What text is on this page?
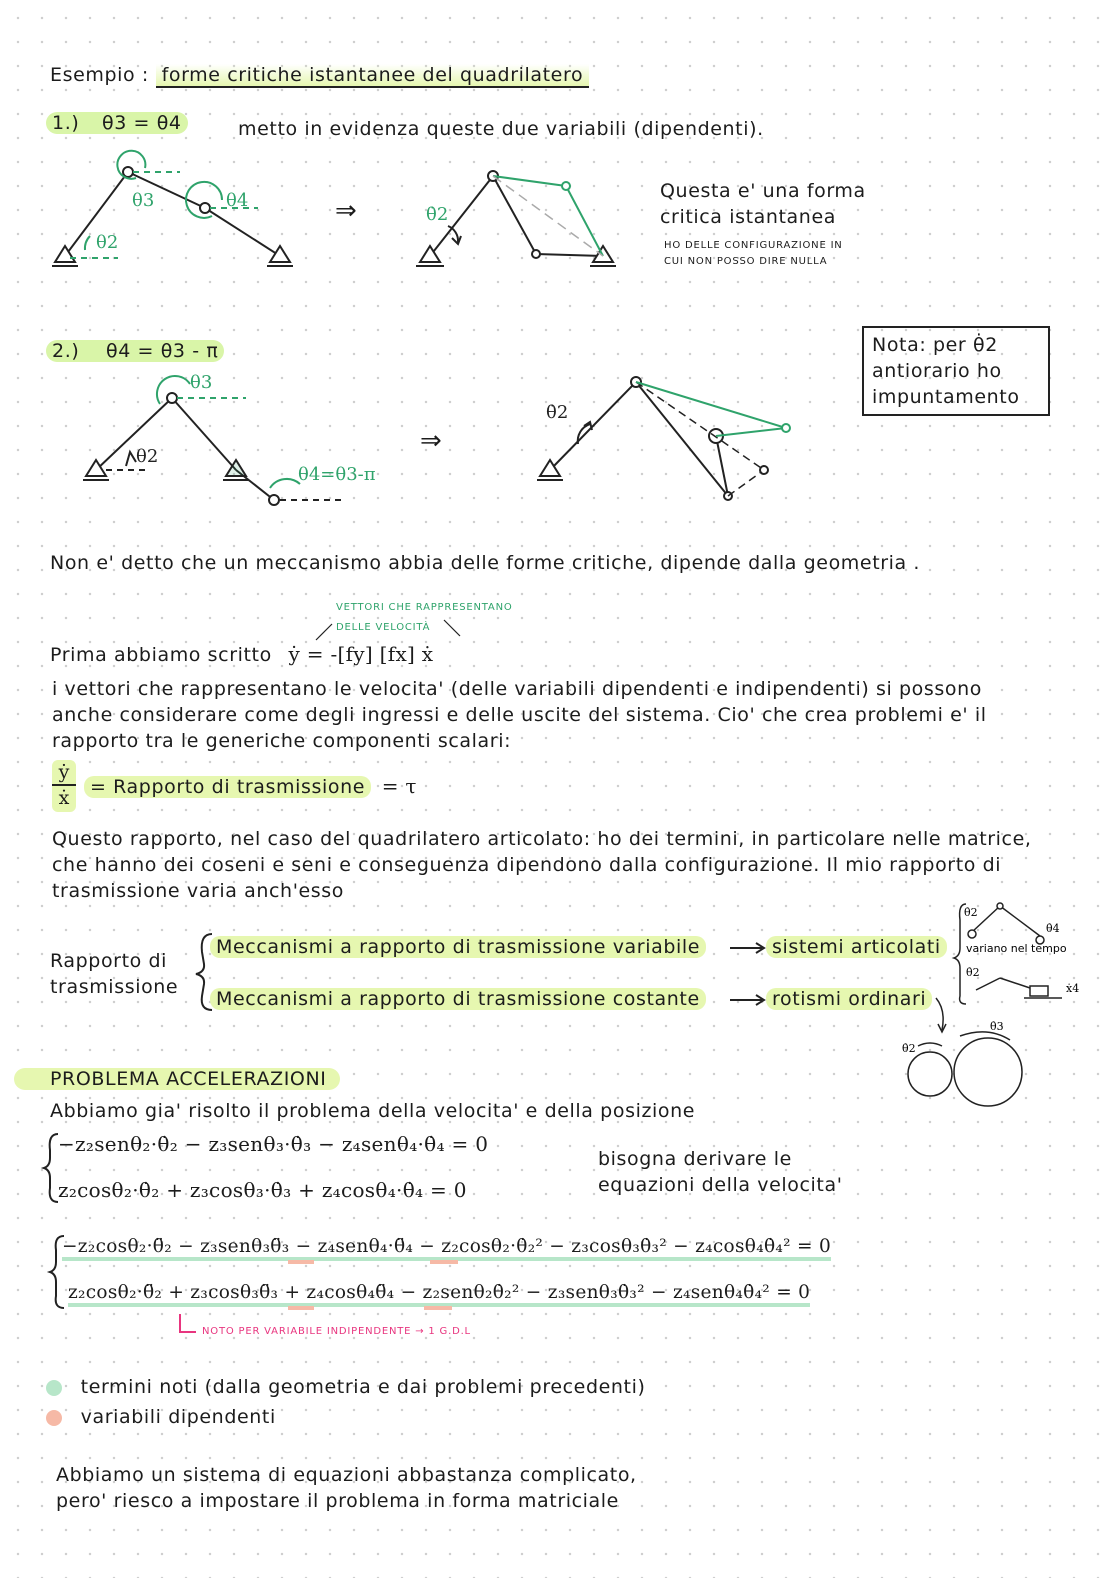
Esempio : forme critiche istantanee del quadrilatero
1.) θ3 = θ4	metto in evidenza queste due variabili (dipendenti).
θ3	θ4
θ2
⇒	θ̇2
Questa e' una forma
critica istantanea
HO DELLE CONFIGURAZIONE IN
CUI NON POSSO DIRE NULLA
2.) θ4 = θ3 - π	Nota: per θ̇2
antiorario ho
impuntamento
θ3
θ2
θ4=θ3-π
⇒
θ̇2
Non e' detto che un meccanismo abbia delle forme critiche, dipende dalla geometria .
VETTORI CHE RAPPRESENTANO
DELLE VELOCITÀ
Prima abbiamo scritto ẏ = -[fy] [fx] ẋ
i vettori che rappresentano le velocita' (delle variabili dipendenti e indipendenti) si possono
anche considerare come degli ingressi e delle uscite del sistema. Cio' che crea problemi e' il
rapporto tra le generiche componenti scalari:
$\frac{\text{ẏ}}{\text{ẋ}}$ = Rapporto di trasmissione = τ
Questo rapporto, nel caso del quadrilatero articolato: ho dei termini, in particolare nelle matrice,
che hanno dei coseni e seni e conseguenza dipendono dalla configurazione. Il mio rapporto di
trasmissione varia anch'esso
Rapporto di
trasmissione
Meccanismi a rapporto di trasmissione variabile	sistemi articolati
Meccanismi a rapporto di trasmissione costante	rotismi ordinari
θ̇2
θ̇4
θ̇2
ẋ4
θ̇2
θ̇3
variano nel tempo
PROBLEMA ACCELERAZIONI
Abbiamo gia' risolto il problema della velocita' e della posizione
−z₂senθ₂·θ̇₂ − z₃senθ₃·θ̇₃ − z₄senθ₄·θ̇₄ = 0
z₂cosθ₂·θ̇₂ + z₃cosθ₃·θ̇₃ + z₄cosθ₄·θ̇₄ = 0
bisogna derivare le
equazioni della velocita'
−z₂cosθ₂·θ̈₂ − z₃senθ₃θ̈₃ − z₄senθ₄·θ̈₄ − z₂cosθ₂·θ̇₂² − z₃cosθ₃θ̇₃² − z₄cosθ₄θ̇₄² = 0
z₂cosθ₂·θ̈₂ + z₃cosθ₃θ̈₃ + z₄cosθ₄θ̈₄ − z₂senθ₂θ̇₂² − z₃senθ₃θ̇₃² − z₄senθ₄θ̇₄² = 0
NOTO PER VARIABILE INDIPENDENTE → 1 G.D.L
termini noti (dalla geometria e dai problemi precedenti)
variabili dipendenti
Abbiamo un sistema di equazioni abbastanza complicato,
pero' riesco a impostare il problema in forma matriciale
